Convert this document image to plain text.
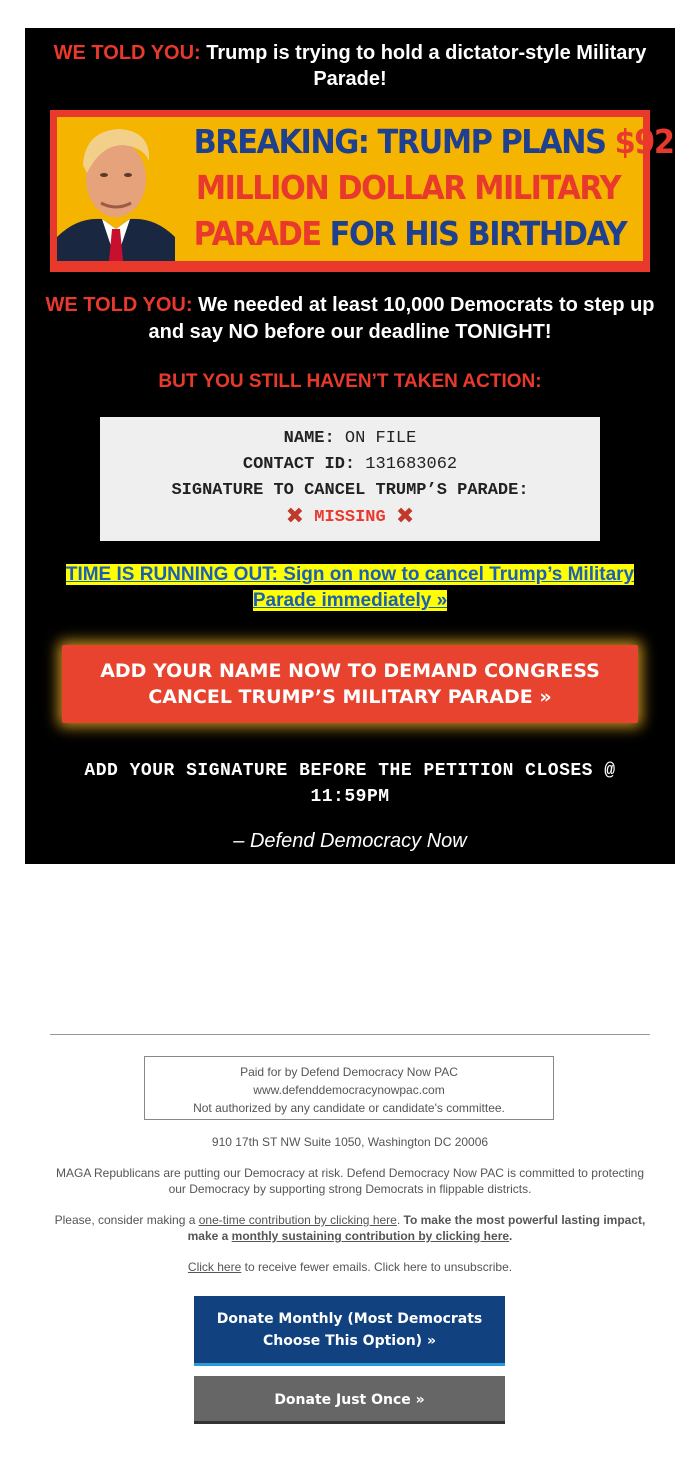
WE TOLD YOU: Trump is trying to hold a dictator-style Military Parade!
BREAKING: TRUMP PLANS $92
MILLION DOLLAR MILITARY
PARADE FOR HIS BIRTHDAY
WE TOLD YOU: We needed at least 10,000 Democrats to step up and say NO before our deadline TONIGHT!
BUT YOU STILL HAVEN’T TAKEN ACTION:
NAME: ON FILE
CONTACT ID: 131683062
SIGNATURE TO CANCEL TRUMP’S PARADE:
✖ MISSING ✖
TIME IS RUNNING OUT: Sign on now to cancel Trump’s Military Parade immediately »
ADD YOUR NAME NOW TO DEMAND CONGRESS CANCEL TRUMP’S MILITARY PARADE »
ADD YOUR SIGNATURE BEFORE THE PETITION CLOSES @ 11:59PM
– Defend Democracy Now
Paid for by Defend Democracy Now PAC
www.defenddemocracynowpac.com
Not authorized by any candidate or candidate's committee.
910 17th ST NW Suite 1050, Washington DC 20006
MAGA Republicans are putting our Democracy at risk. Defend Democracy Now PAC is committed to protecting our Democracy by supporting strong Democrats in flippable districts.
Please, consider making a one-time contribution by clicking here. To make the most powerful lasting impact, make a monthly sustaining contribution by clicking here.
Click here to receive fewer emails. Click here to unsubscribe.
Donate Monthly (Most Democrats Choose This Option) »
Donate Just Once »
